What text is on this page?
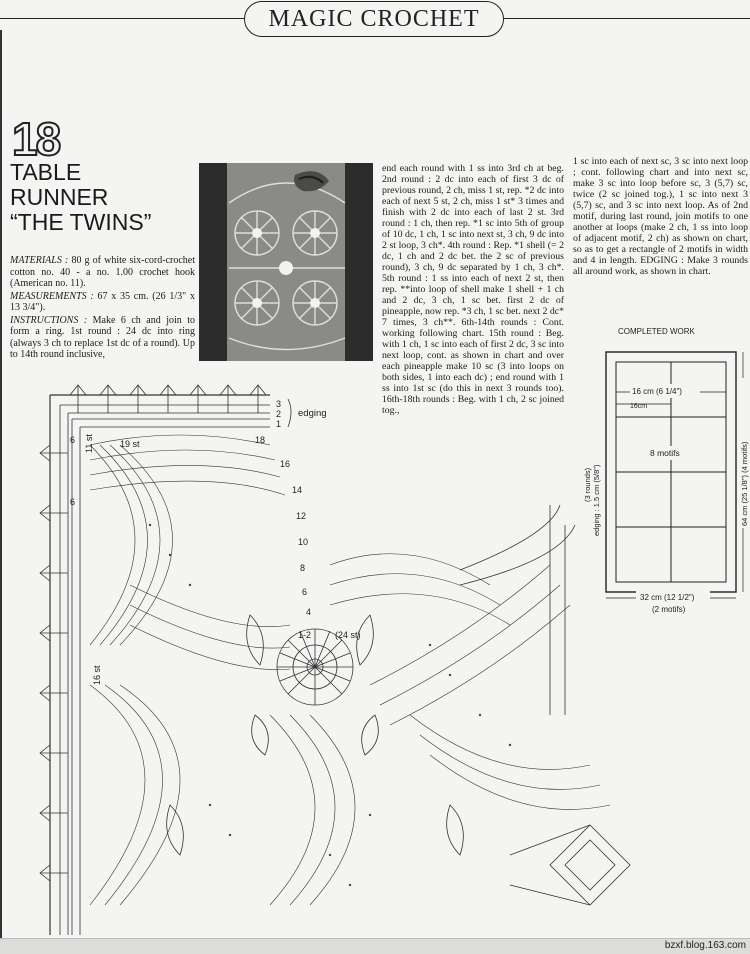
MAGIC CROCHET
18
TABLE
RUNNER
“THE TWINS”

MATERIALS : 80 g of white six-cord-crochet cotton no. 40 - a no. 1.00 crochet hook (American no. 11).

MEASUREMENTS : 67 x 35 cm. (26 1/3" x 13 3/4").

INSTRUCTIONS : Make 6 ch and join to form a ring. 1st round : 24 dc into ring (always 3 ch to replace 1st dc of a round). Up to 14th round inclusive,

end each round with 1 ss into 3rd ch at beg. 2nd round : 2 dc into each of first 3 dc of previous round, 2 ch, miss 1 st, rep. *2 dc into each of next 5 st, 2 ch, miss 1 st* 3 times and finish with 2 dc into each of last 2 st. 3rd round : 1 ch, then rep. *1 sc into 5th of group of 10 dc, 1 ch, 1 sc into next st, 3 ch, 9 dc into 2 st loop, 3 ch*. 4th round : Rep. *1 shell (= 2 dc, 1 ch and 2 dc bet. the 2 sc of previous round), 3 ch, 9 dc separated by 1 ch, 3 ch*. 5th round : 1 ss into each of next 2 st, then rep. **into loop of shell make 1 shell + 1 ch and 2 dc, 3 ch, 1 sc bet. first 2 dc of pineapple, now rep. *3 ch, 1 sc bet. next 2 dc* 7 times, 3 ch**. 6th-14th rounds : Cont. working following chart. 15th round : Beg. with 1 ch, 1 sc into each of first 2 dc, 3 sc into next loop, cont. as shown in chart and over each pineapple make 10 sc (3 into loops on both sides, 1 into each dc) ; end round with 1 ss into 1st sc (do this in next 3 rounds too). 16th-18th rounds : Beg. with 1 ch, 2 sc joined tog.,

1 sc into each of next sc, 3 sc into next loop ; cont. following chart and into next sc, make 3 sc into loop before sc, 3 (5,7) sc, twice (2 sc joined tog.), 1 sc into next 3 (5,7) sc, and 3 sc into next loop. As of 2nd motif, during last round, join motifs to one another at loops (make 2 ch, 1 ss into loop of adjacent motif, 2 ch) as shown on chart, so as to get a rectangle of 2 motifs in width and 4 in length. EDGING : Make 3 rounds all around work, as shown in chart.

COMPLETED WORK
16 cm (6 1/4")
16cm
8 motifs
edging : 1.5 cm (5/8")
(3 rounds)	64 cm (25 1/8") (4 motifs)
32 cm (12 1/2")
(2 motifs)
3
2
1
edging
19 st
11 st
16 st
6
6
18
16
14
12
10
8
6
4
1-2	(24 st)
bzxf.blog.163.com
